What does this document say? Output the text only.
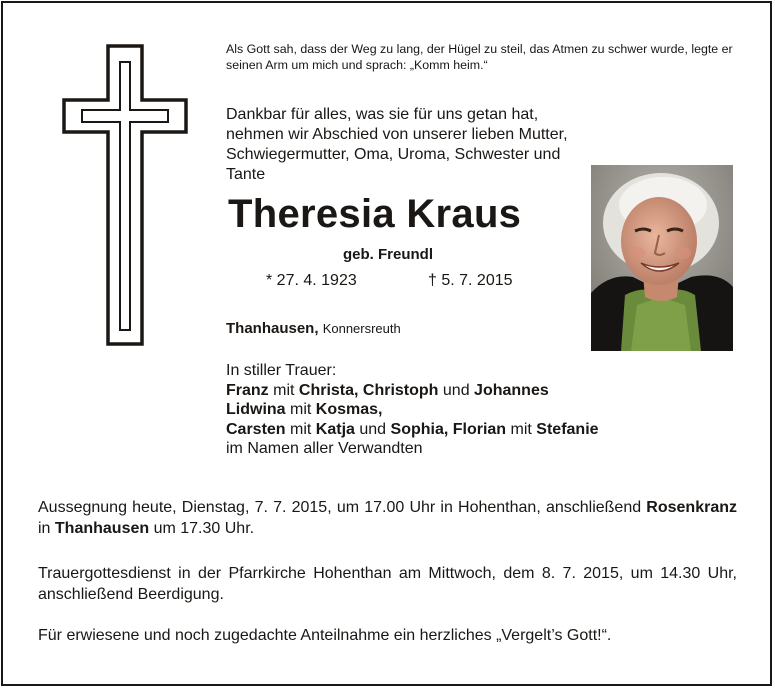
Als Gott sah, dass der Weg zu lang, der Hügel zu steil, das Atmen zu schwer wurde, legte er seinen Arm um mich und sprach: „Komm heim.“
Dankbar für alles, was sie für uns getan hat, nehmen wir Abschied von unserer lieben Mutter, Schwiegermutter, Oma, Uroma, Schwester und Tante
Theresia Kraus
geb. Freundl
* 27. 4. 1923	† 5. 7. 2015
Thanhausen, Konnersreuth
In stiller Trauer:
Franz mit Christa, Christoph und Johannes
Lidwina mit Kosmas,
Carsten mit Katja und Sophia, Florian mit Stefanie
im Namen aller Verwandten
Aussegnung heute, Dienstag, 7. 7. 2015, um 17.00 Uhr in Hohenthan, anschließend Rosenkranz in Thanhausen um 17.30 Uhr.
Trauergottesdienst in der Pfarrkirche Hohenthan am Mittwoch, dem 8. 7. 2015, um 14.30 Uhr, anschließend Beerdigung.
Für erwiesene und noch zugedachte Anteilnahme ein herzliches „Vergelt’s Gott!“.
